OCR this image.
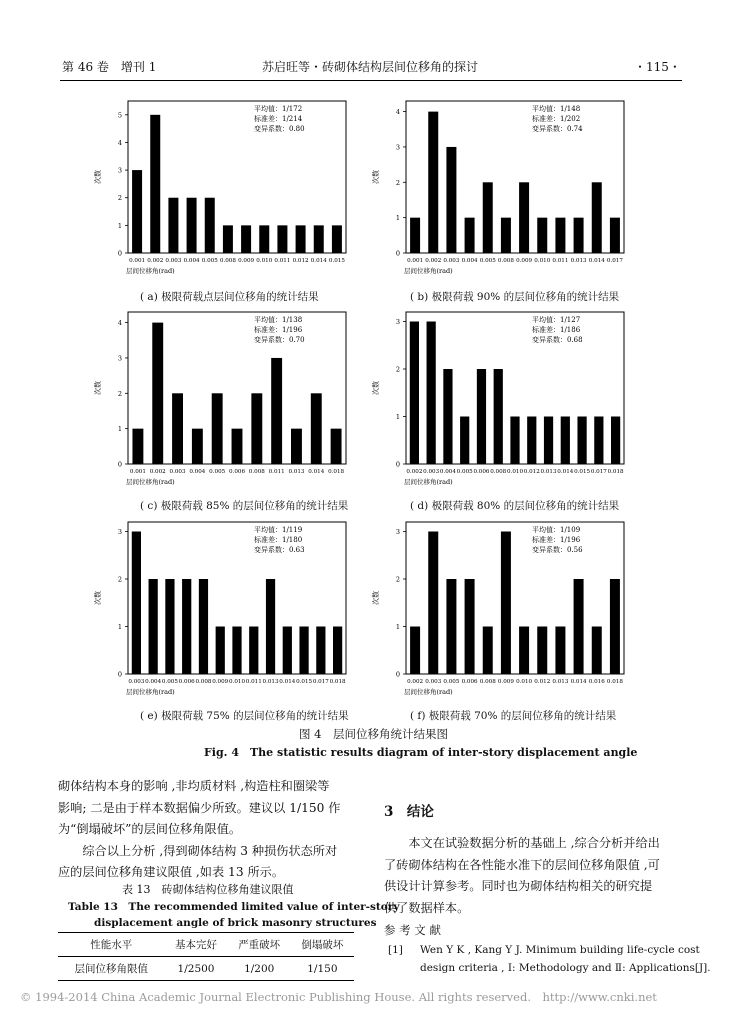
第 46 卷　增刊 1	苏启旺等・砖砌体结构层间位移角的探讨	・115・
0
1
2
3
4
5
0.001 0.002 0.003 0.004 0.005 0.008 0.009 0.010 0.011 0.012 0.014 0.015
层间位移角(rad)
次数
平均值：1/172
标准差：1/214
变异系数：0.80
( a) 极限荷载点层间位移角的统计结果
0
1
2
3
4
0.001 0.002 0.003 0.004 0.005 0.008 0.009 0.010 0.011 0.013 0.014 0.017
层间位移角(rad)
次数
平均值：1/148
标准差：1/202
变异系数：0.74
( b) 极限荷载 90% 的层间位移角的统计结果
0
1
2
3
4
0.001 0.002 0.003 0.004 0.005 0.006 0.008 0.011 0.013 0.014 0.018
层间位移角(rad)
次数
平均值：1/138
标准差：1/196
变异系数：0.70
( c) 极限荷载 85% 的层间位移角的统计结果
0
1
2
3
0.002 0.003 0.004 0.005 0.006 0.008 0.010 0.012 0.013 0.014 0.015 0.017 0.018
层间位移角(rad)
次数
平均值：1/127
标准差：1/186
变异系数：0.68
( d) 极限荷载 80% 的层间位移角的统计结果
0
1
2
3
0.003 0.004 0.005 0.006 0.008 0.009 0.010 0.011 0.013 0.014 0.015 0.017 0.018
层间位移角(rad)
次数
平均值：1/119
标准差：1/180
变异系数：0.63
( e) 极限荷载 75% 的层间位移角的统计结果
0
1
2
3
0.002 0.003 0.005 0.006 0.008 0.009 0.010 0.012 0.013 0.014 0.016 0.018
层间位移角(rad)
次数
平均值：1/109
标准差：1/196
变异系数：0.56
( f) 极限荷载 70% 的层间位移角的统计结果
图 4　层间位移角统计结果图
Fig. 4　The statistic results diagram of inter-story displacement angle

砌体结构本身的影响 ,非均质材料 ,构造柱和圈梁等

影响; 二是由于样本数据偏少所致。建议以 1/150 作

为“倒塌破坏”的层间位移角限值。

　　综合以上分析 ,得到砌体结构 3 种损伤状态所对

应的层间位移角建议限值 ,如表 13 所示。

表 13　砖砌体结构位移角建议限值
Table 13　The recommended limited value of inter-story
displacement angle of brick masonry structures
性能水平	基本完好	严重破坏	倒塌破坏
层间位移角限值	1/2500	1/200	1/150
3　结论

　　本文在试验数据分析的基础上 ,综合分析并给出

了砖砌体结构在各性能水准下的层间位移角限值 ,可

供设计计算参考。同时也为砌体结构相关的研究提

供了数据样本。

参 考 文 献
[1] Wen Y K , Kang Y J. Minimum building life-cycle cost
design criteria , Ⅰ: Methodology and Ⅱ: Applications[J].
© 1994-2014 China Academic Journal Electronic Publishing House. All rights reserved.　http://www.cnki.net
